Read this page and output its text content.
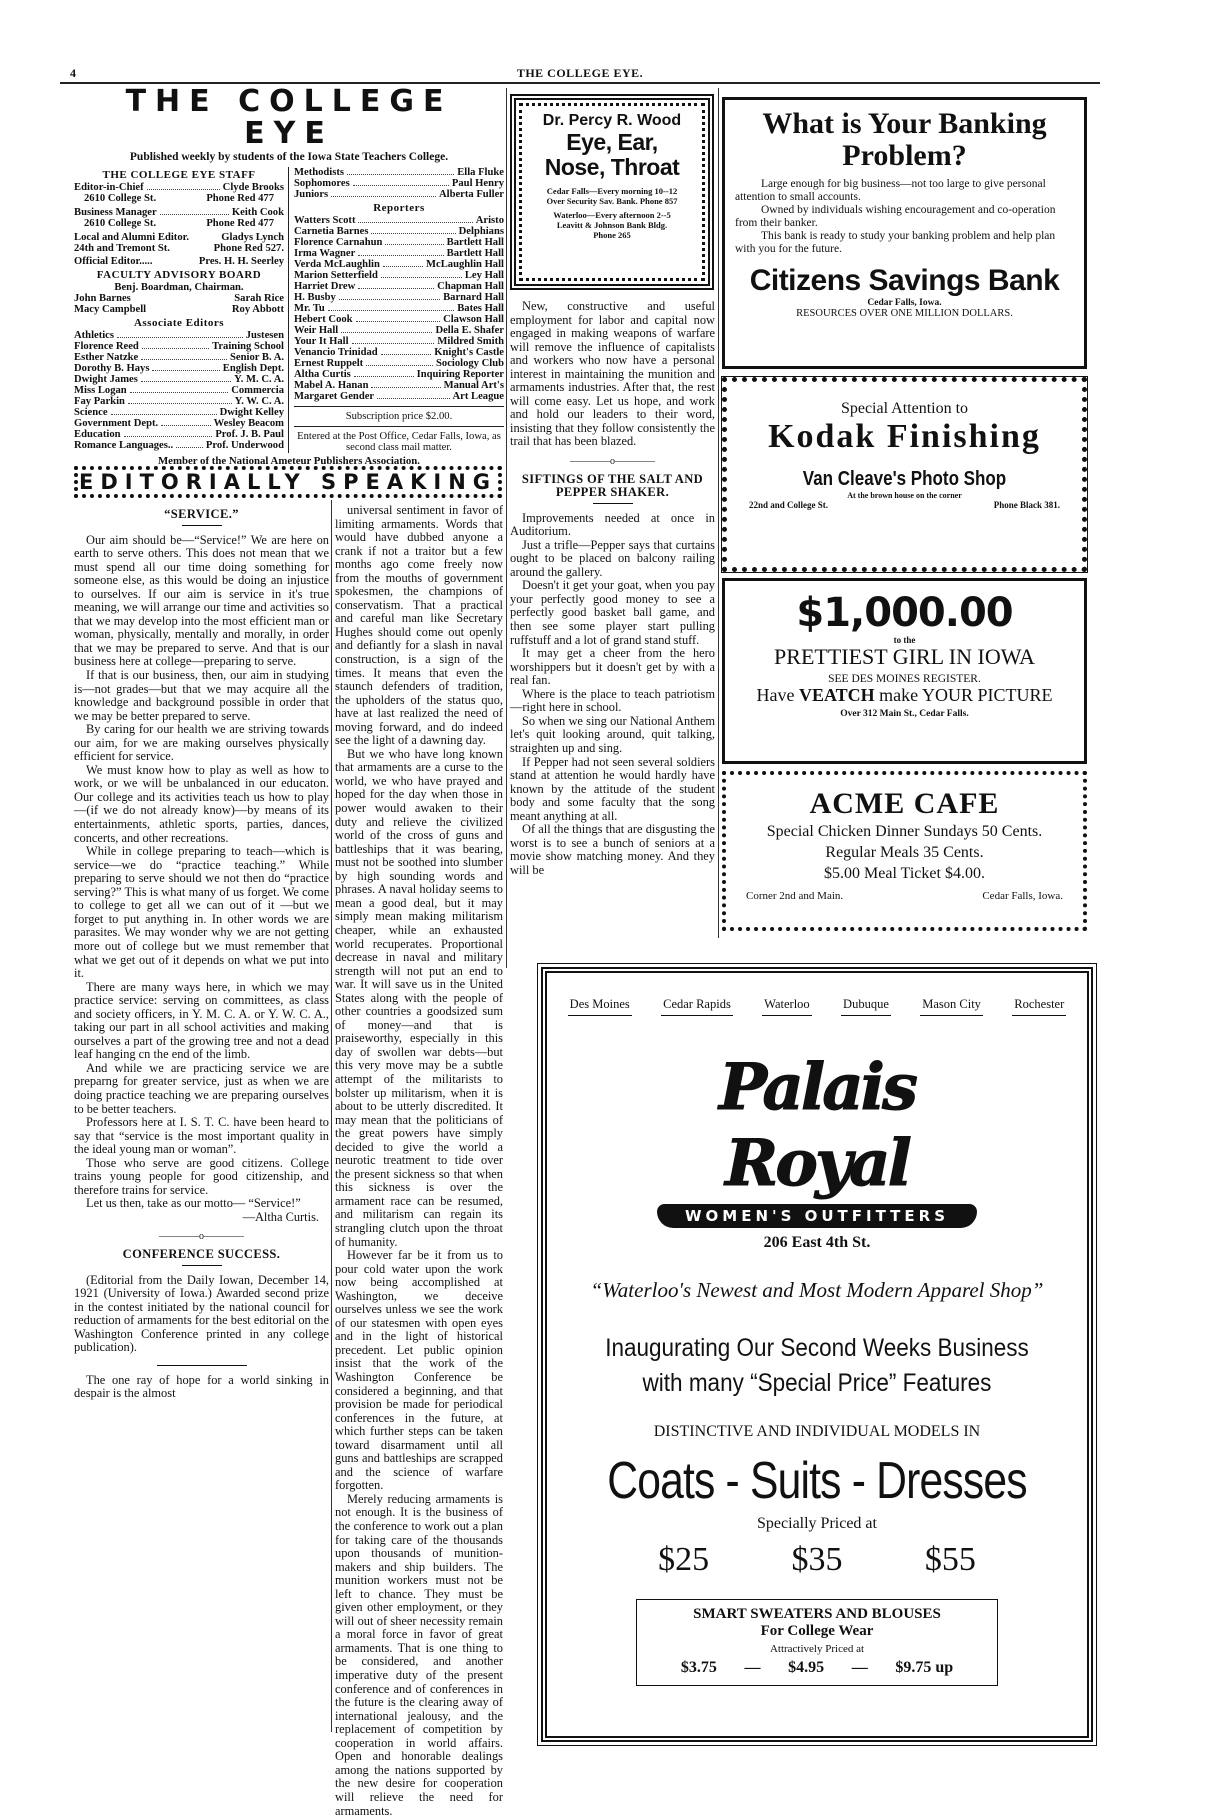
4	THE COLLEGE EYE.
THE COLLEGE EYE
Published weekly by students of the Iowa State Teachers College.
THE COLLEGE EYE STAFF
Editor-in-Chief	Clyde Brooks
2610 College St.	Phone Red 477
Business Manager	Keith Cook
2610 College St.	Phone Red 477
Local and Alumni Editor.	Gladys Lynch
24th and Tremont St.	Phone Red 527.
Official Editor.....	Pres. H. H. Seerley
FACULTY ADVISORY BOARD
Benj. Boardman, Chairman.
John Barnes	Sarah Rice
Macy Campbell	Roy Abbott
Associate Editors
Athletics	Justesen
Florence Reed	Training School
Esther Natzke	Senior B. A.
Dorothy B. Hays	English Dept.
Dwight James	Y. M. C. A.
Miss Logan	Commercia
Fay Parkin	Y. W. C. A.
Science	Dwight Kelley
Government Dept.	Wesley Beacom
Education	Prof. J. B. Paul
Romance Languages..	Prof. Underwood
Methodists	Ella Fluke
Sophomores	Paul Henry
Juniors	Alberta Fuller
Reporters
Watters Scott	Aristo
Carnetia Barnes	Delphians
Florence Carnahun	Bartlett Hall
Irma Wagner	Bartlett Hall
Verda McLaughlin	McLaughlin Hall
Marion Setterfield	Ley Hall
Harriet Drew	Chapman Hall
H. Busby	Barnard Hall
Mr. Tu	Bates Hall
Hebert Cook	Clawson Hall
Weir Hall	Della E. Shafer
Your It Hall	Mildred Smith
Venancio Trinidad	Knight's Castle
Ernest Ruppelt	Sociology Club
Altha Curtis	Inquiring Reporter
Mabel A. Hanan	Manual Art's
Margaret Gender	Art League
Subscription price $2.00.
Entered at the Post Office, Cedar Falls, Iowa, as second class mail matter.
Member of the National Ameteur Publishers Association.
EDITORIALLY SPEAKING
“SERVICE.”

Our aim should be—“Service!” We are here on earth to serve others. This does not mean that we must spend all our time doing something for someone else, as this would be doing an injustice to ourselves. If our aim is service in it's true meaning, we will arrange our time and activities so that we may develop into the most efficient man or woman, physically, mentally and morally, in order that we may be prepared to serve. And that is our business here at college—preparing to serve.

If that is our business, then, our aim in studying is—not grades—but that we may acquire all the knowledge and background possible in order that we may be better prepared to serve.

By caring for our health we are striving towards our aim, for we are making ourselves physically efficient for service.

We must know how to play as well as how to work, or we will be unbalanced in our educaton. Our college and its activities teach us how to play—(if we do not already know)—by means of its entertainments, athletic sports, parties, dances, concerts, and other recreations.

While in college preparing to teach—which is service—we do “practice teaching.” While preparing to serve should we not then do “practice serving?” This is what many of us forget. We come to college to get all we can out of it —but we forget to put anything in. In other words we are parasites. We may wonder why we are not getting more out of college but we must remember that what we get out of it depends on what we put into it.

There are many ways here, in which we may practice service: serving on committees, as class and society officers, in Y. M. C. A. or Y. W. C. A., taking our part in all school activities and making ourselves a part of the growing tree and not a dead leaf hanging cn the end of the limb.

And while we are practicing service we are preparng for greater service, just as when we are doing practice teaching we are preparing ourselves to be better teachers.

Professors here at I. S. T. C. have been heard to say that “service is the most important quality in the ideal young man or woman”.

Those who serve are good citizens. College trains young people for good citizenship, and therefore trains for service.

Let us then, take as our motto— “Service!”

—Altha Curtis.
――――o――――
CONFERENCE SUCCESS.

(Editorial from the Daily Iowan, December 14, 1921 (University of Iowa.) Awarded second prize in the contest initiated by the national council for reduction of armaments for the best editorial on the Washington Conference printed in any college publication).

The one ray of hope for a world sinking in despair is the almost

universal sentiment in favor of limiting armaments. Words that would have dubbed anyone a crank if not a traitor but a few months ago come freely now from the mouths of government spokesmen, the champions of conservatism. That a practical and careful man like Secretary Hughes should come out openly and defiantly for a slash in naval construction, is a sign of the times. It means that even the staunch defenders of tradition, the upholders of the status quo, have at last realized the need of moving forward, and do indeed see the light of a dawning day.

But we who have long known that armaments are a curse to the world, we who have prayed and hoped for the day when those in power would awaken to their duty and relieve the civilized world of the cross of guns and battleships that it was bearing, must not be soothed into slumber by high sounding words and phrases. A naval holiday seems to mean a good deal, but it may simply mean making militarism cheaper, while an exhausted world recuperates. Proportional decrease in naval and military strength will not put an end to war. It will save us in the United States along with the people of other countries a goodsized sum of money—and that is praiseworthy, especially in this day of swollen war debts—but this very move may be a subtle attempt of the militarists to bolster up militarism, when it is about to be utterly discredited. It may mean that the politicians of the great powers have simply decided to give the world a neurotic treatment to tide over the present sickness so that when this sickness is over the armament race can be resumed, and militarism can regain its strangling clutch upon the throat of humanity.

However far be it from us to pour cold water upon the work now being accomplished at Washington, we deceive ourselves unless we see the work of our statesmen with open eyes and in the light of historical precedent. Let public opinion insist that the work of the Washington Conference be considered a beginning, and that provision be made for periodical conferences in the future, at which further steps can be taken toward disarmament until all guns and battleships are scrapped and the science of warfare forgotten.

Merely reducing armaments is not enough. It is the business of the conference to work out a plan for taking care of the thousands upon thousands of munition-makers and ship builders. The munition workers must not be left to chance. They must be given other employment, or they will out of sheer necessity remain a moral force in favor of great armaments. That is one thing to be considered, and another imperative duty of the present conference and of conferences in the future is the clearing away of international jealousy, and the replacement of competition by cooperation in world affairs. Open and honorable dealings among the nations supported by the new desire for cooperation will relieve the need for armaments.

Dr. Percy R. Wood
Eye, Ear,
Nose, Throat
Cedar Falls—Every morning 10--12
Over Security Sav. Bank. Phone 857
Waterloo—Every afternoon 2--5
Leavitt & Johnson Bank Bldg.
Phone 265

New, constructive and useful employment for labor and capital now engaged in making weapons of warfare will remove the influence of capitalists and workers who now have a personal interest in maintaining the munition and armaments industries. After that, the rest will come easy. Let us hope, and work and hold our leaders to their word, insisting that they follow consistently the trail that has been blazed.

――――o――――
SIFTINGS OF THE SALT AND PEPPER SHAKER.

Improvements needed at once in Auditorium.

Just a trifle—Pepper says that curtains ought to be placed on balcony railing around the gallery.

Doesn't it get your goat, when you pay your perfectly good money to see a perfectly good basket ball game, and then see some player start pulling ruffstuff and a lot of grand stand stuff.

It may get a cheer from the hero worshippers but it doesn't get by with a real fan.

Where is the place to teach patriotism—right here in school.

So when we sing our National Anthem let's quit looking around, quit talking, straighten up and sing.

If Pepper had not seen several soldiers stand at attention he would hardly have known by the attitude of the student body and some faculty that the song meant anything at all.

Of all the things that are disgusting the worst is to see a bunch of seniors at a movie show matching money. And they will be

What is Your Banking Problem?

Large enough for big business—not too large to give personal attention to small accounts.

Owned by individuals wishing encouragement and co-operation from their banker.

This bank is ready to study your banking problem and help plan with you for the future.

Citizens Savings Bank
Cedar Falls, Iowa.
RESOURCES OVER ONE MILLION DOLLARS.
Special Attention to
Kodak Finishing
Van Cleave's Photo Shop
At the brown house on the corner
22nd and College St.	Phone Black 381.
$1,000.00
to the
PRETTIEST GIRL IN IOWA
SEE DES MOINES REGISTER.
Have VEATCH make YOUR PICTURE
Over 312 Main St., Cedar Falls.
ACME CAFE
Special Chicken Dinner Sundays 50 Cents.
Regular Meals 35 Cents.
$5.00 Meal Ticket $4.00.
Corner 2nd and Main.	Cedar Falls, Iowa.
Des Moines	Cedar Rapids	Waterloo	Dubuque	Mason City	Rochester
Palais Royal
WOMEN'S OUTFITTERS
206 East 4th St.
“Waterloo's Newest and Most Modern Apparel Shop”
Inaugurating Our Second Weeks Business
with many “Special Price” Features
DISTINCTIVE AND INDIVIDUAL MODELS IN
Coats - Suits - Dresses
Specially Priced at
$25 $35 $55
SMART SWEATERS AND BLOUSES
For College Wear
Attractively Priced at
$3.75 — $4.95 — $9.75 up
